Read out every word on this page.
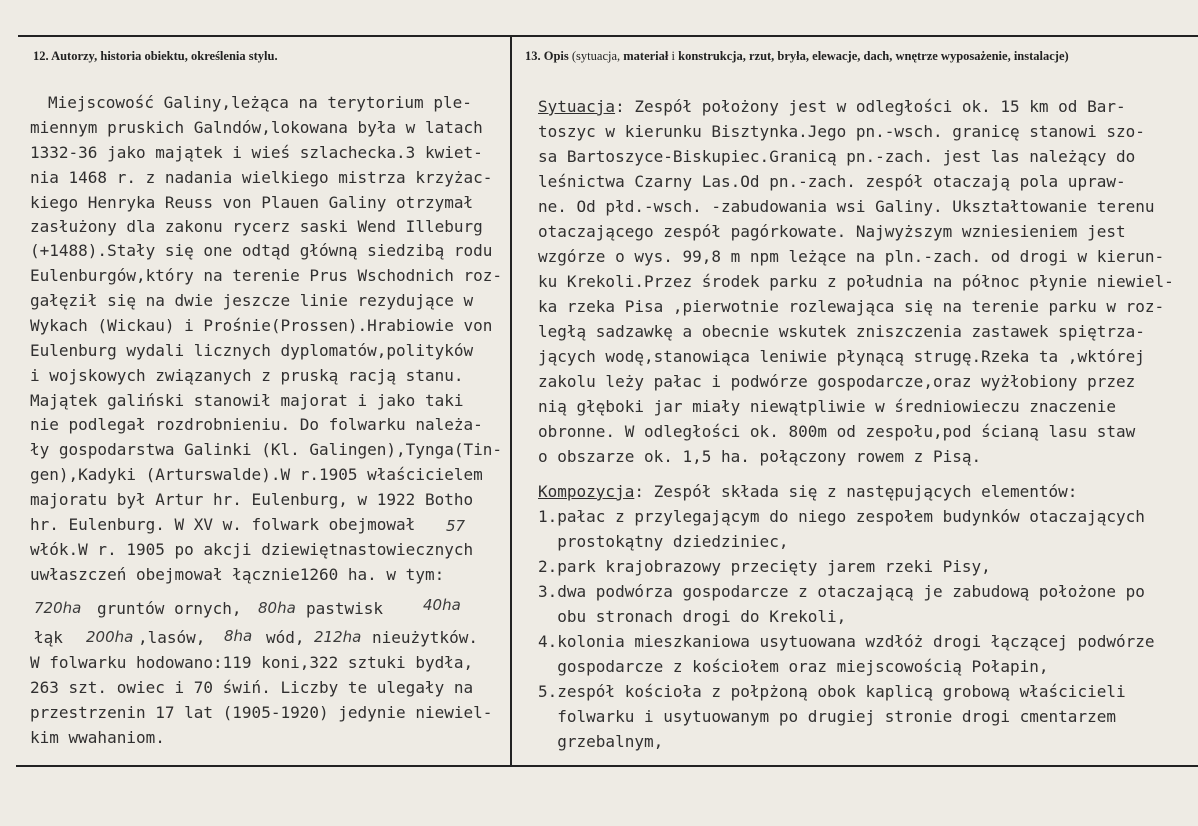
12. Autorzy, historia obiektu, określenia stylu.	13. Opis (sytuacja, materiał i konstrukcja, rzut, bryła, elewacje, dach, wnętrze wyposażenie, instalacje)
Miejscowość Galiny,leżąca na terytorium ple-
miennym pruskich Galndów,lokowana była w latach
1332-36 jako majątek i wieś szlachecka.3 kwiet-
nia 1468 r. z nadania wielkiego mistrza krzyżac-
kiego Henryka Reuss von Plauen Galiny otrzymał
zasłużony dla zakonu rycerz saski Wend Illeburg
(+1488).Stały się one odtąd główną siedzibą rodu
Eulenburgów,który na terenie Prus Wschodnich roz-
gałęził się na dwie jeszcze linie rezydujące w
Wykach (Wickau) i Prośnie(Prossen).Hrabiowie von
Eulenburg wydali licznych dyplomatów,polityków
i wojskowych związanych z pruską racją stanu.
Majątek galiński stanowił majorat i jako taki
nie podlegał rozdrobnieniu. Do folwarku należa-
ły gospodarstwa Galinki (Kl. Galingen),Tynga(Tin-
gen),Kadyki (Arturswalde).W r.1905 właścicielem
majoratu był Artur hr. Eulenburg, w 1922 Botho
hr. Eulenburg. W XV w. folwark obejmował 57
włók.W r. 1905 po akcji dziewiętnastowiecznych
uwłaszczeń obejmował łącznie1260 ha. w tym:
720ha gruntów ornych, 80ha pastwisk	40ha
łąk 200ha ,lasów, 8ha wód, 212ha nieużytków.
W folwarku hodowano:119 koni,322 sztuki bydła,
263 szt. owiec i 70 świń. Liczby te ulegały na
przestrzenin 17 lat (1905-1920) jedynie niewiel-
kim wwahaniom.
Sytuacja: Zespół położony jest w odległości ok. 15 km od Bar-
toszyc w kierunku Bisztynka.Jego pn.-wsch. granicę stanowi szo-
sa Bartoszyce-Biskupiec.Granicą pn.-zach. jest las należący do
leśnictwa Czarny Las.Od pn.-zach. zespół otaczają pola upraw-
ne. Od płd.-wsch. -zabudowania wsi Galiny. Ukształtowanie terenu
otaczającego zespół pagórkowate. Najwyższym wzniesieniem jest
wzgórze o wys. 99,8 m npm leżące na pln.-zach. od drogi w kierun-
ku Krekoli.Przez środek parku z południa na północ płynie niewiel-
ka rzeka Pisa ,pierwotnie rozlewająca się na terenie parku w roz-
ległą sadzawkę a obecnie wskutek zniszczenia zastawek spiętrza-
jących wodę,stanowiąca leniwie płynącą strugę.Rzeka ta ,wktórej
zakolu leży pałac i podwórze gospodarcze,oraz wyżłobiony przez
nią głęboki jar miały niewątpliwie w średniowieczu znaczenie
obronne. W odległości ok. 800m od zespołu,pod ścianą lasu staw
o obszarze ok. 1,5 ha. połączony rowem z Pisą.
Kompozycja: Zespół składa się z następujących elementów:
1.pałac z przylegającym do niego zespołem budynków otaczających
prostokątny dziedziniec,
2.park krajobrazowy przecięty jarem rzeki Pisy,
3.dwa podwórza gospodarcze z otaczającą je zabudową położone po
obu stronach drogi do Krekoli,
4.kolonia mieszkaniowa usytuowana wzdłóż drogi łączącej podwórze
gospodarcze z kościołem oraz miejscowością Połapin,
5.zespół kościoła z połpżoną obok kaplicą grobową właścicieli
folwarku i usytuowanym po drugiej stronie drogi cmentarzem
grzebalnym,
